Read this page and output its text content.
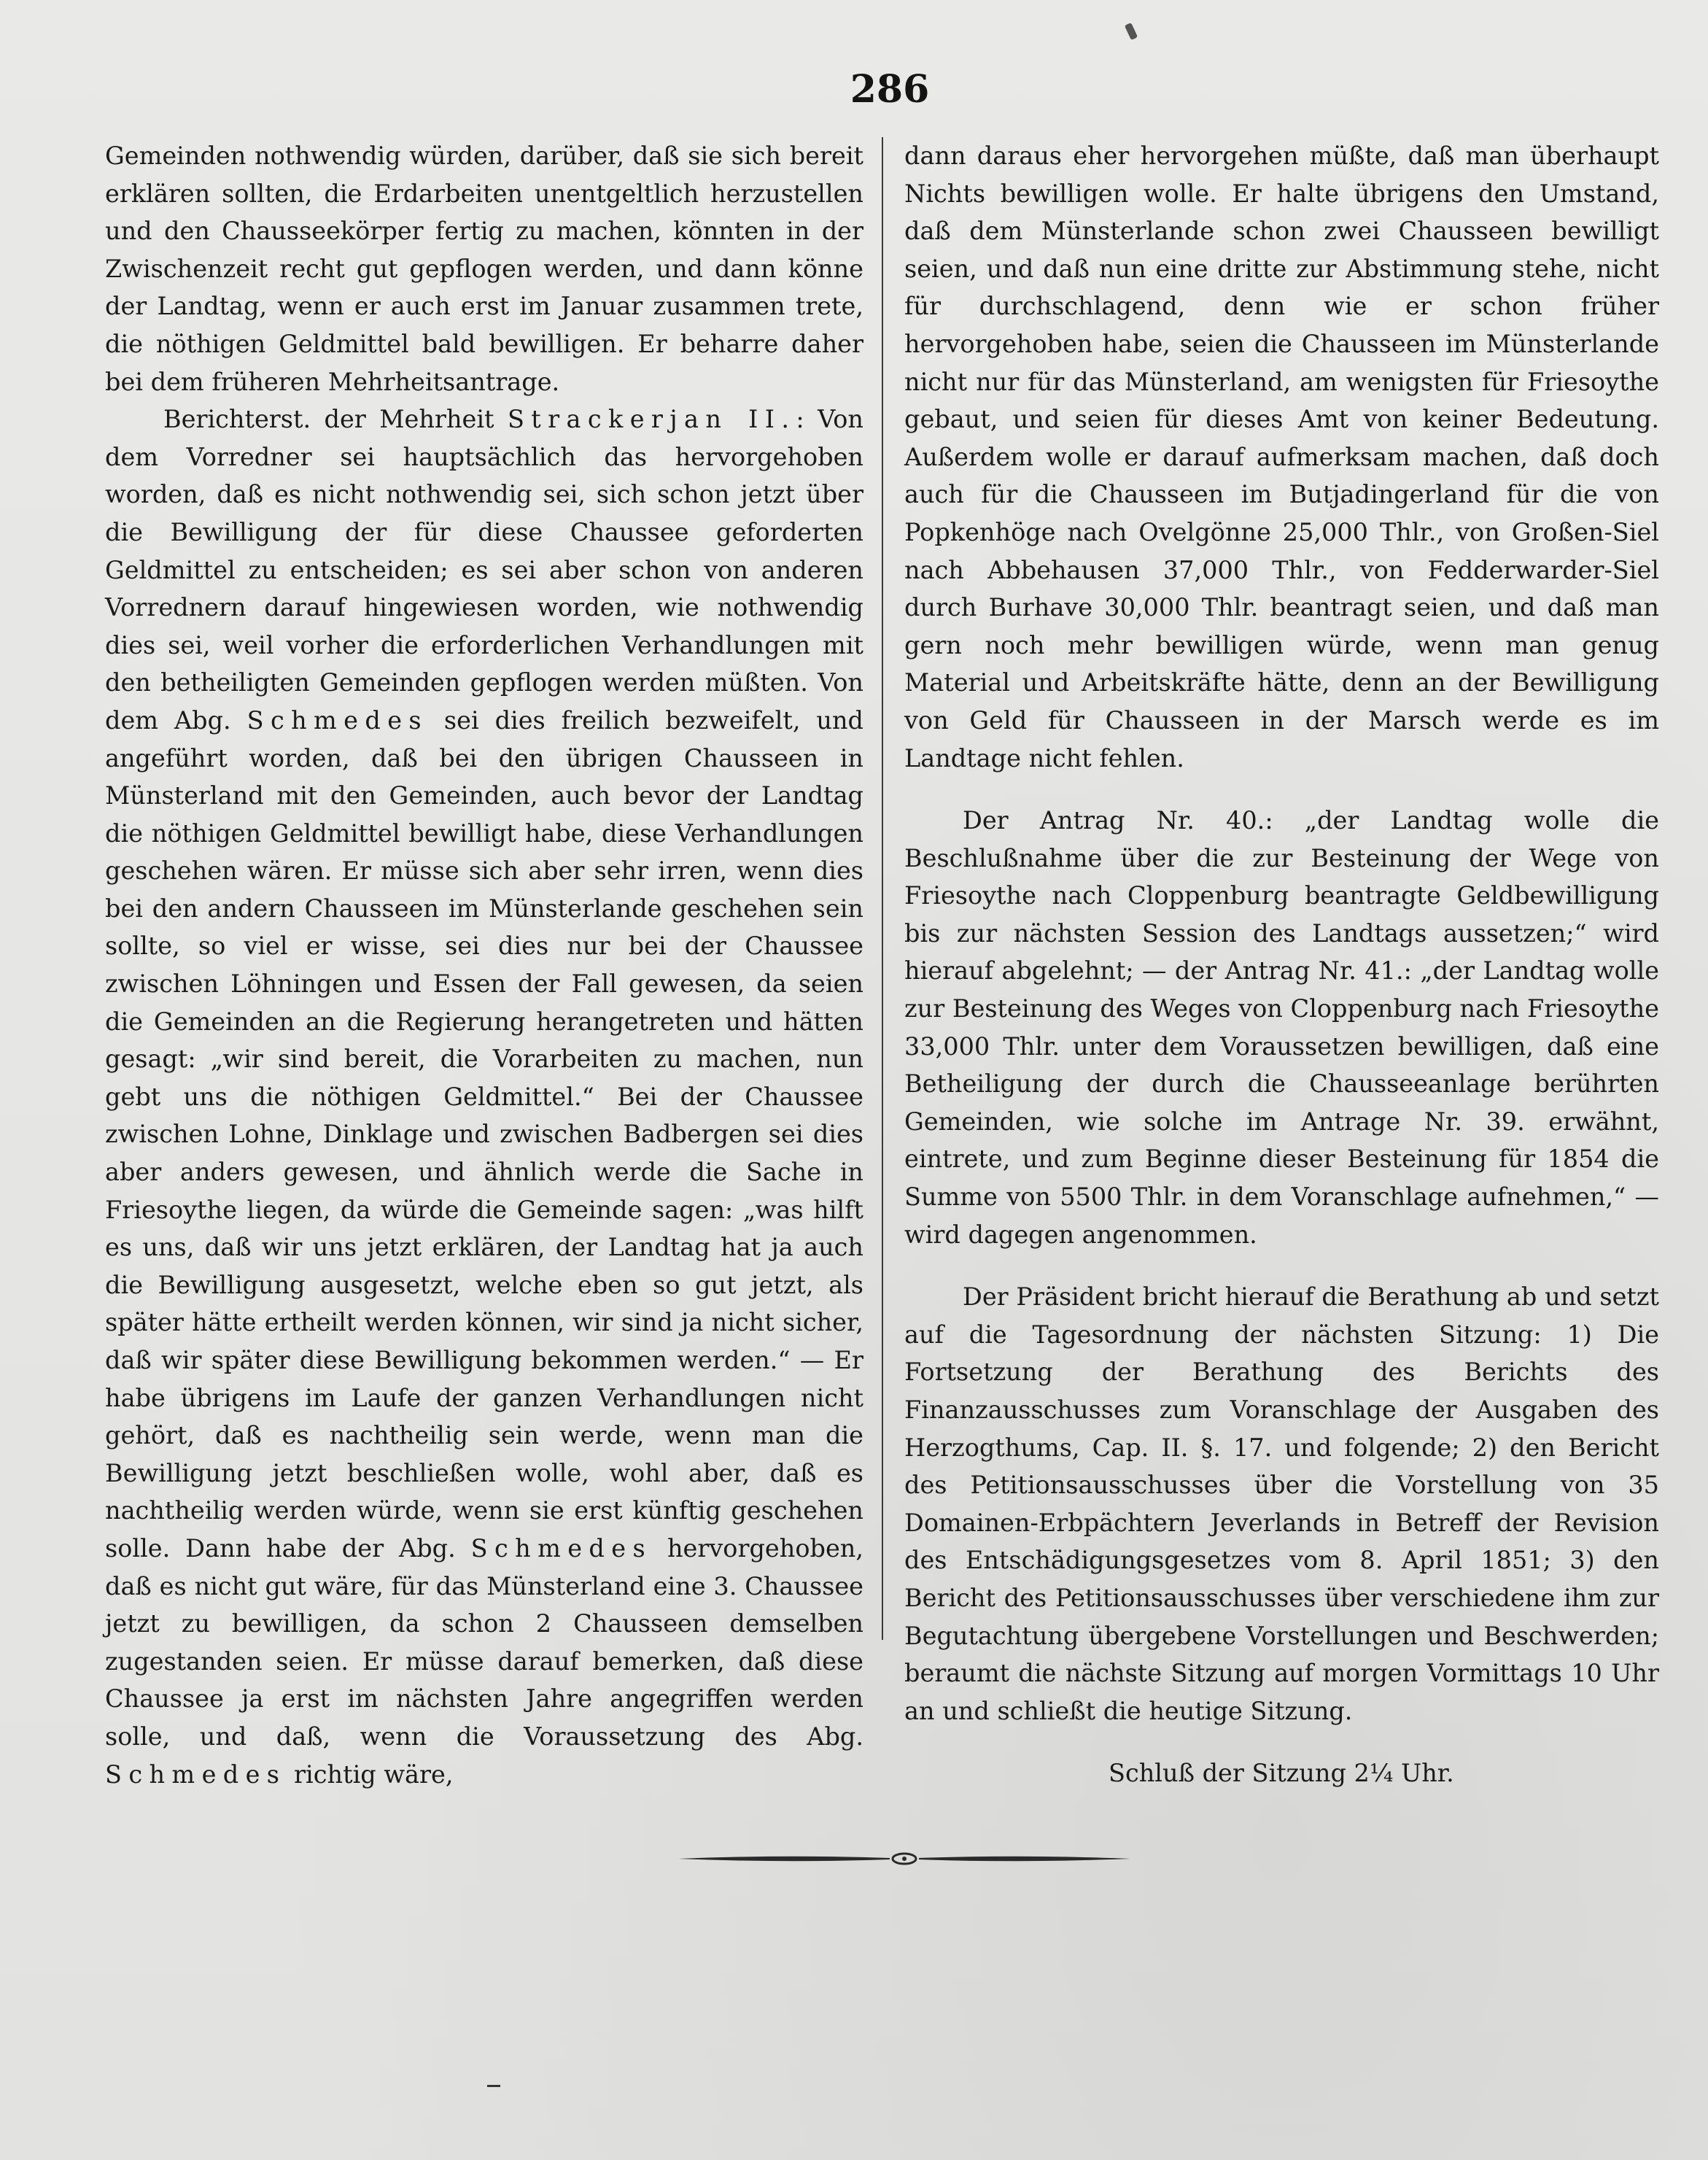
286

Gemeinden nothwendig würden, darüber, daß sie sich bereit erklären sollten, die Erdarbeiten unentgeltlich herzustellen und den Chausseekörper fertig zu machen, könnten in der Zwischenzeit recht gut gepflogen werden, und dann könne der Landtag, wenn er auch erst im Januar zusammen trete, die nöthigen Geldmittel bald bewilligen. Er beharre daher bei dem früheren Mehrheitsantrage.

Berichterst. der Mehrheit Strackerjan II.: Von dem Vorredner sei hauptsächlich das hervorgehoben worden, daß es nicht nothwendig sei, sich schon jetzt über die Bewilligung der für diese Chaussee geforderten Geldmittel zu entscheiden; es sei aber schon von anderen Vorrednern darauf hingewiesen worden, wie nothwendig dies sei, weil vorher die erforderlichen Verhandlungen mit den betheiligten Gemeinden gepflogen werden müßten. Von dem Abg. Schmedes sei dies freilich bezweifelt, und angeführt worden, daß bei den übrigen Chausseen in Münsterland mit den Gemeinden, auch bevor der Landtag die nöthigen Geldmittel bewilligt habe, diese Verhandlungen geschehen wären. Er müsse sich aber sehr irren, wenn dies bei den andern Chausseen im Münsterlande geschehen sein sollte, so viel er wisse, sei dies nur bei der Chaussee zwischen Löhningen und Essen der Fall gewesen, da seien die Gemeinden an die Regierung herangetreten und hätten gesagt: „wir sind bereit, die Vorarbeiten zu machen, nun gebt uns die nöthigen Geldmittel.“ Bei der Chaussee zwischen Lohne, Dinklage und zwischen Badbergen sei dies aber anders gewesen, und ähnlich werde die Sache in Friesoythe liegen, da würde die Gemeinde sagen: „was hilft es uns, daß wir uns jetzt erklären, der Landtag hat ja auch die Bewilligung ausgesetzt, welche eben so gut jetzt, als später hätte ertheilt werden können, wir sind ja nicht sicher, daß wir später diese Bewilligung bekommen werden.“ — Er habe übrigens im Laufe der ganzen Verhandlungen nicht gehört, daß es nachtheilig sein werde, wenn man die Bewilligung jetzt beschließen wolle, wohl aber, daß es nachtheilig werden würde, wenn sie erst künftig geschehen solle. Dann habe der Abg. Schmedes hervorgehoben, daß es nicht gut wäre, für das Münsterland eine 3. Chaussee jetzt zu bewilligen, da schon 2 Chausseen demselben zugestanden seien. Er müsse darauf bemerken, daß diese Chaussee ja erst im nächsten Jahre angegriffen werden solle, und daß, wenn die Voraussetzung des Abg. Schmedes richtig wäre,

dann daraus eher hervorgehen müßte, daß man überhaupt Nichts bewilligen wolle. Er halte übrigens den Umstand, daß dem Münsterlande schon zwei Chausseen bewilligt seien, und daß nun eine dritte zur Abstimmung stehe, nicht für durchschlagend, denn wie er schon früher hervorgehoben habe, seien die Chausseen im Münsterlande nicht nur für das Münsterland, am wenigsten für Friesoythe gebaut, und seien für dieses Amt von keiner Bedeutung. Außerdem wolle er darauf aufmerksam machen, daß doch auch für die Chausseen im Butjadingerland für die von Popkenhöge nach Ovelgönne 25,000 Thlr., von Großen-Siel nach Abbehausen 37,000 Thlr., von Fedderwarder-Siel durch Burhave 30,000 Thlr. beantragt seien, und daß man gern noch mehr bewilligen würde, wenn man genug Material und Arbeitskräfte hätte, denn an der Bewilligung von Geld für Chausseen in der Marsch werde es im Landtage nicht fehlen.

Der Antrag Nr. 40.: „der Landtag wolle die Beschlußnahme über die zur Besteinung der Wege von Friesoythe nach Cloppenburg beantragte Geldbewilligung bis zur nächsten Session des Landtags aussetzen;“ wird hierauf abgelehnt; — der Antrag Nr. 41.: „der Landtag wolle zur Besteinung des Weges von Cloppenburg nach Friesoythe 33,000 Thlr. unter dem Voraussetzen bewilligen, daß eine Betheiligung der durch die Chausseeanlage berührten Gemeinden, wie solche im Antrage Nr. 39. erwähnt, eintrete, und zum Beginne dieser Besteinung für 1854 die Summe von 5500 Thlr. in dem Voranschlage aufnehmen,“ — wird dagegen angenommen.

Der Präsident bricht hierauf die Berathung ab und setzt auf die Tagesordnung der nächsten Sitzung: 1) Die Fortsetzung der Berathung des Berichts des Finanzausschusses zum Voranschlage der Ausgaben des Herzogthums, Cap. II. §. 17. und folgende; 2) den Bericht des Petitionsausschusses über die Vorstellung von 35 Domainen-Erbpächtern Jeverlands in Betreff der Revision des Entschädigungsgesetzes vom 8. April 1851; 3) den Bericht des Petitionsausschusses über verschiedene ihm zur Begutachtung übergebene Vorstellungen und Beschwerden; beraumt die nächste Sitzung auf morgen Vormittags 10 Uhr an und schließt die heutige Sitzung.

Schluß der Sitzung 2¼ Uhr.
